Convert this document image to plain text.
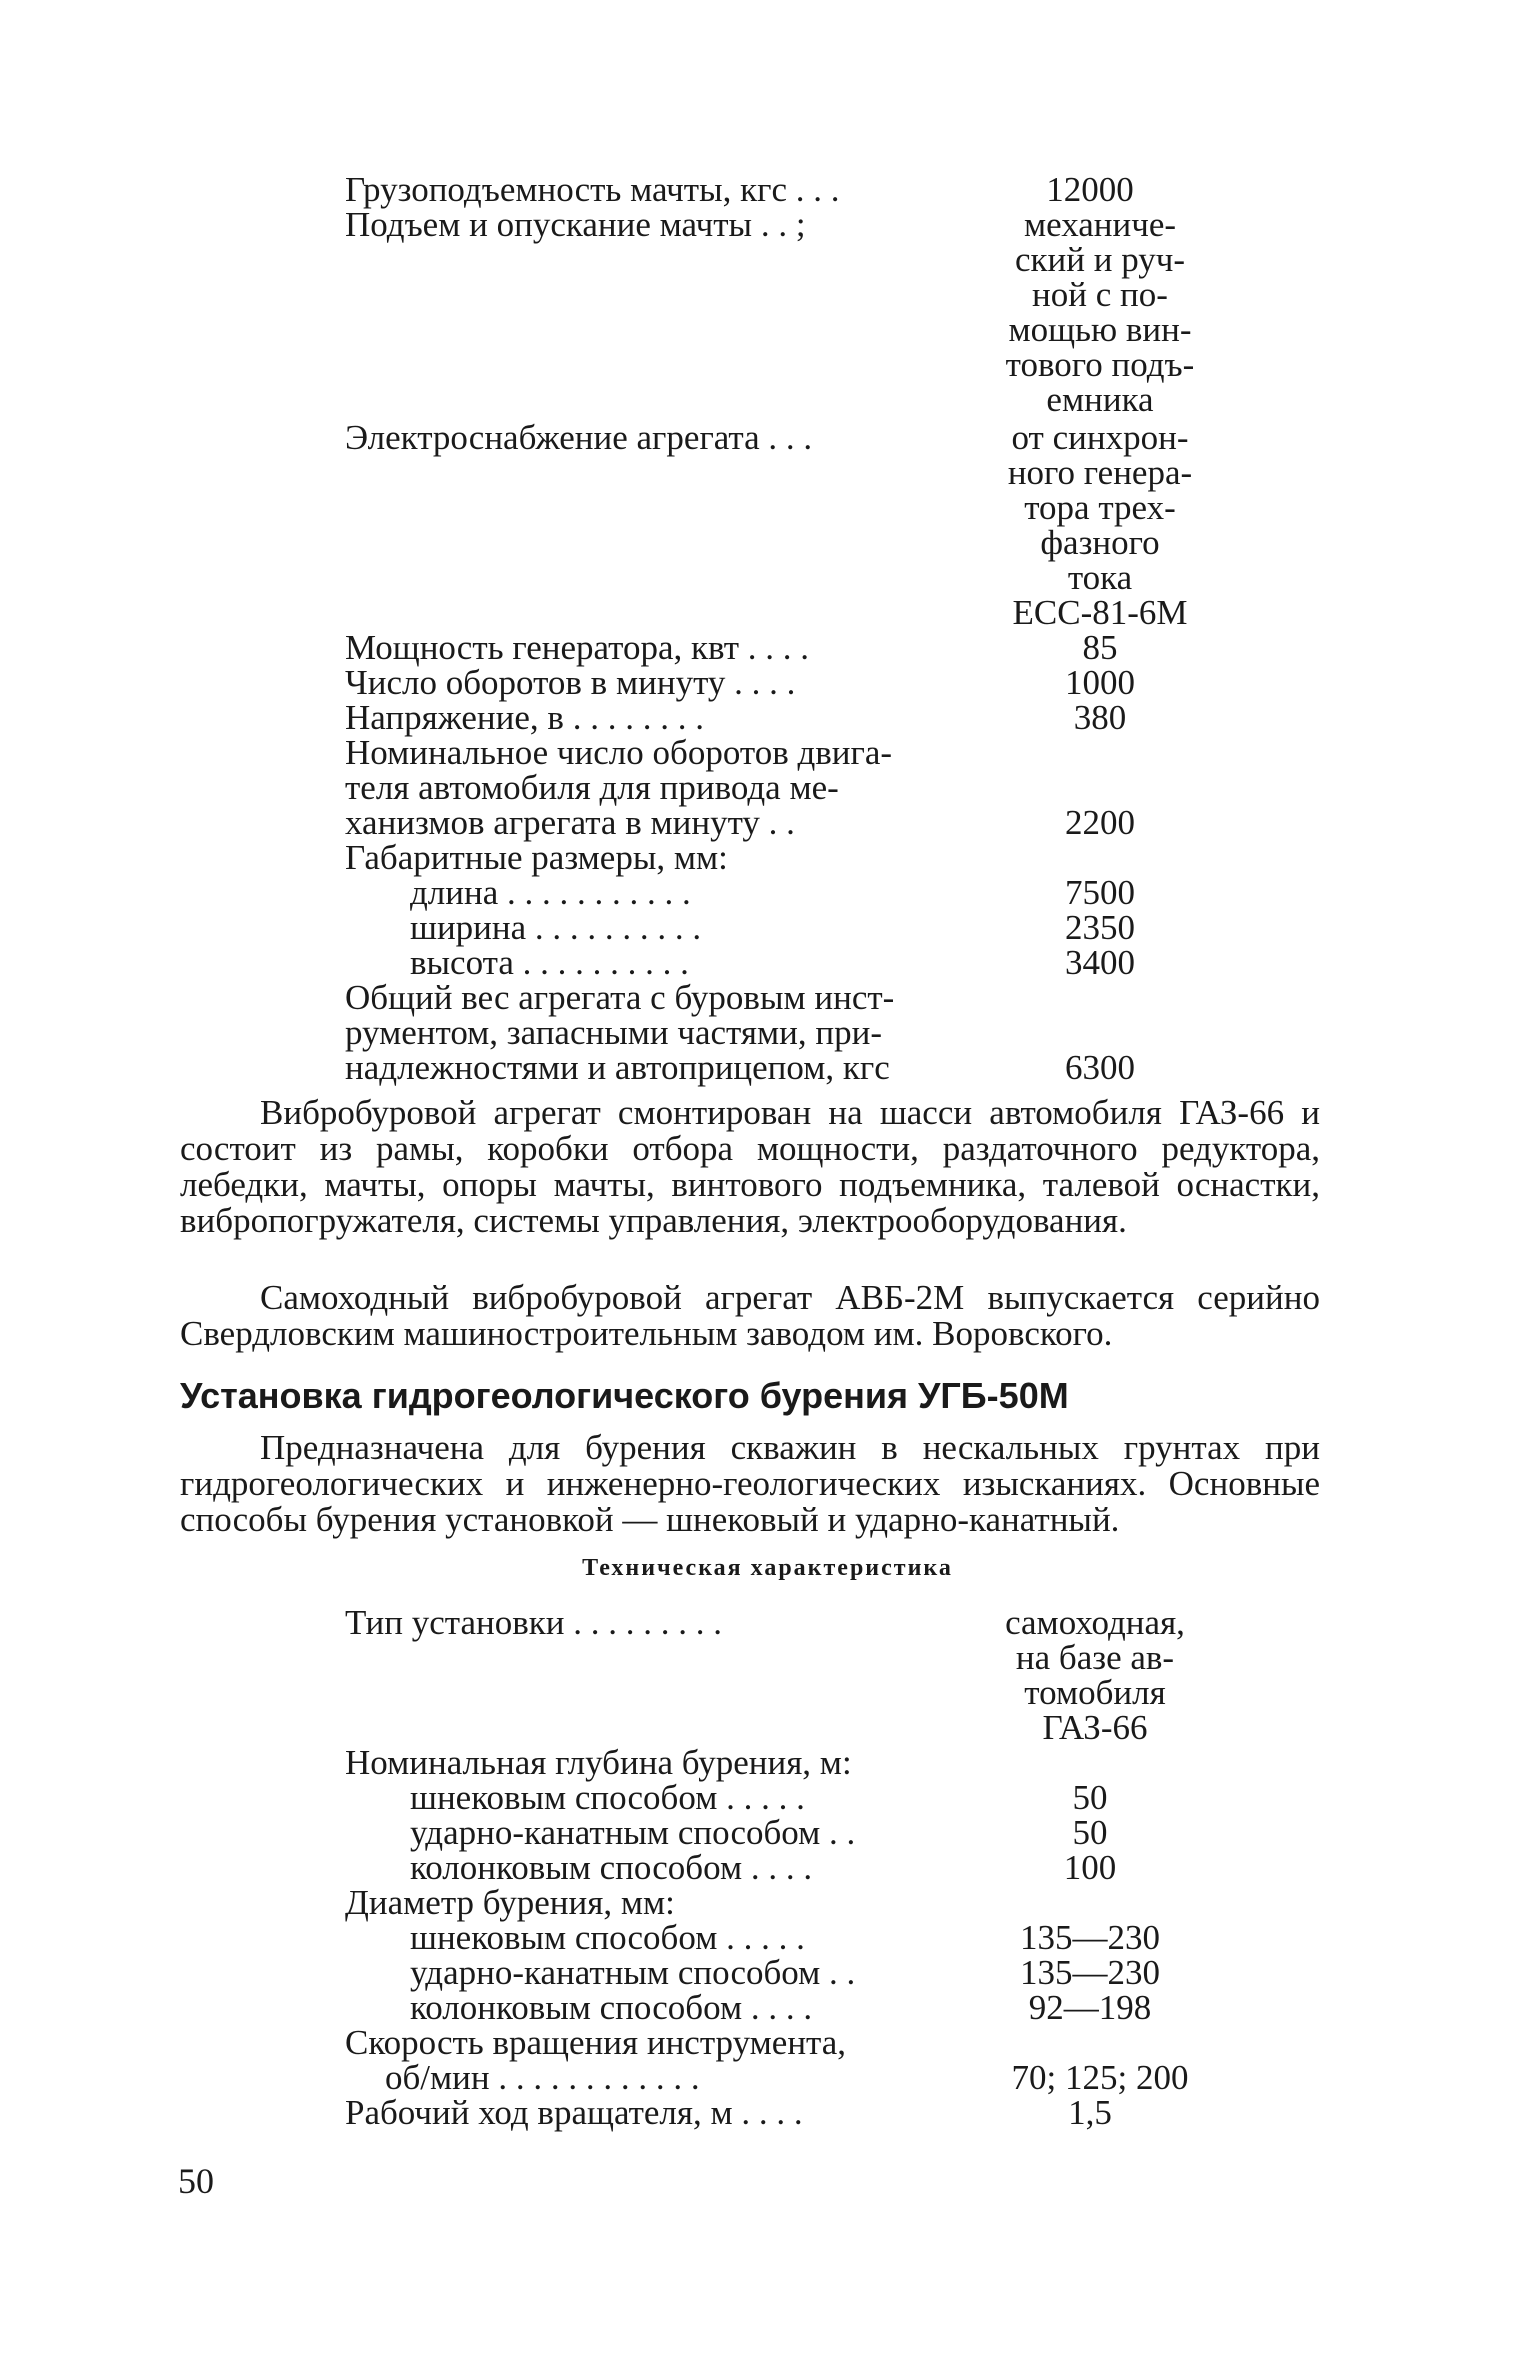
Грузоподъемность мачты, кгс . . .	12000
Подъем и опускание мачты . . ;	механиче-
ский и руч-
ной с по-
мощью вин-
тового подъ-
емника
Электроснабжение агрегата . . .	от синхрон-
ного генера-
тора трех-
фазного
тока
ЕСС-81-6М
Мощность генератора, квт . . . .	85
Число оборотов в минуту . . . .	1000
Напряжение, в . . . . . . . .	380
Номинальное число оборотов двига-
теля автомобиля для привода ме-
ханизмов агрегата в минуту . .	2200
Габаритные размеры, мм:
длина . . . . . . . . . . .	7500
ширина . . . . . . . . . .	2350
высота . . . . . . . . . .	3400
Общий вес агрегата с буровым инст-
рументом, запасными частями, при-
надлежностями и автоприцепом, кгс	6300

Вибробуровой агрегат смонтирован на шасси автомобиля ГАЗ-66 и состоит из рамы, коробки отбора мощности, раздаточного редуктора, лебедки, мачты, опоры мачты, винтового подъемника, талевой оснастки, вибропогружателя, системы управления, электрооборудования.

Самоходный вибробуровой агрегат АВБ-2М выпускается серийно Свердловским машиностроительным заводом им. Воровского.

Установка гидрогеологического бурения УГБ-50М

Предназначена для бурения скважин в нескальных грунтах при гидрогеологических и инженерно-геологических изысканиях. Основные способы бурения установкой — шнековый и ударно-канатный.

Техническая характеристика
Тип установки . . . . . . . . .	самоходная,
на базе ав-
томобиля
ГАЗ-66
Номинальная глубина бурения, м:
шнековым способом . . . . .	50
ударно-канатным способом . .	50
колонковым способом . . . .	100
Диаметр бурения, мм:
шнековым способом . . . . .	135—230
ударно-канатным способом . .	135—230
колонковым способом . . . .	92—198
Скорость вращения инструмента,
об/мин . . . . . . . . . . . .	70; 125; 200
Рабочий ход вращателя, м . . . .	1,5
50
